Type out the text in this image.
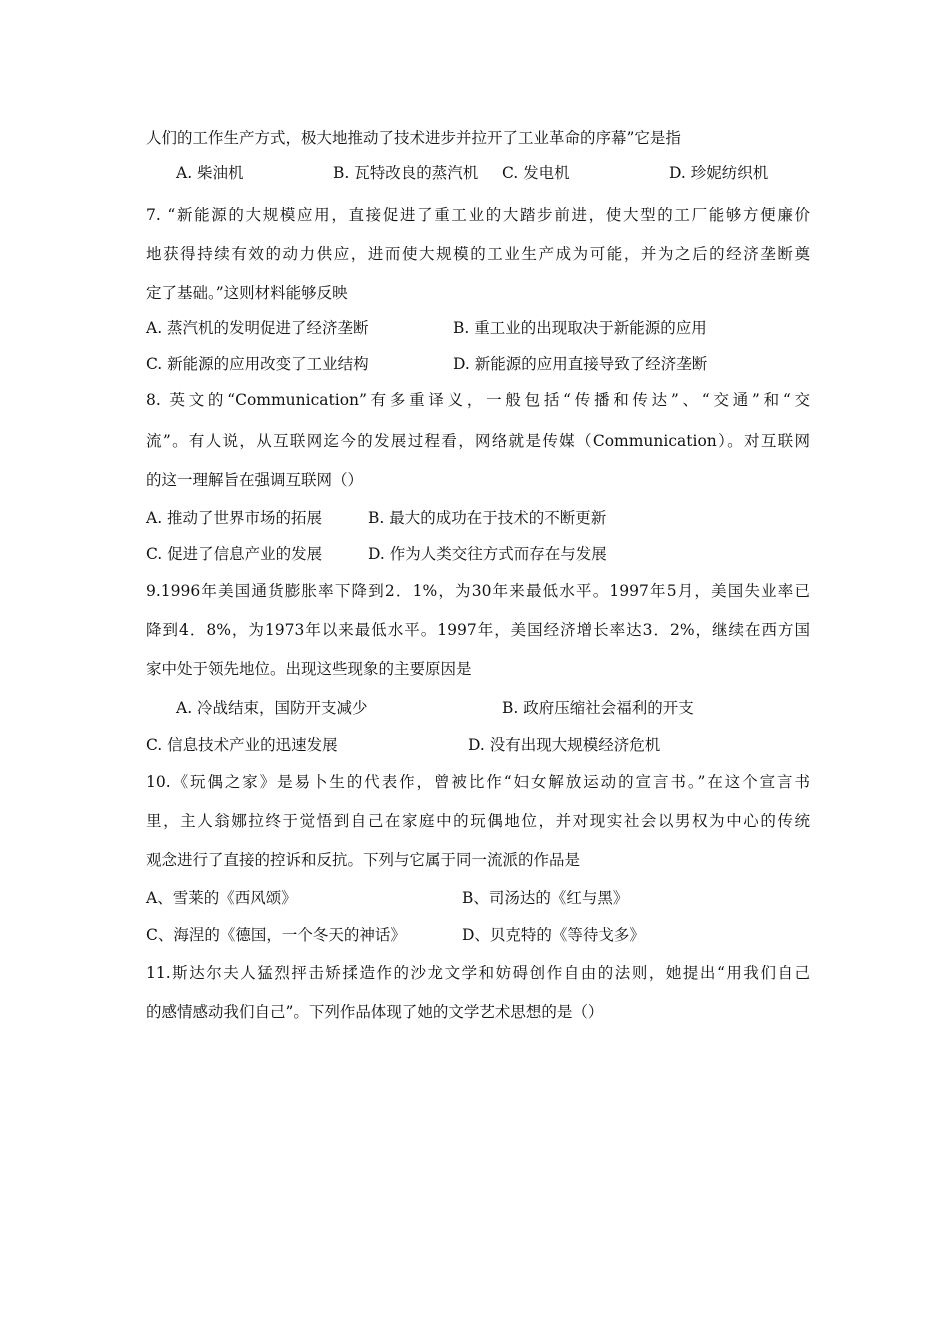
人们的工作生产方式，极大地推动了技术进步并拉开了工业革命的序幕”它是指
A. 柴油机	B. 瓦特改良的蒸汽机 C. 发电机	D. 珍妮纺织机
7. “新能源的大规模应用，直接促进了重工业的大踏步前进，使大型的工厂能够方便廉价
地获得持续有效的动力供应，进而使大规模的工业生产成为可能，并为之后的经济垄断奠
定了基础。”这则材料能够反映
A. 蒸汽机的发明促进了经济垄断	B. 重工业的出现取决于新能源的应用
C. 新能源的应用改变了工业结构	D. 新能源的应用直接导致了经济垄断
8. 英文的“Communication”有多重译义，一般包括“传播和传达”、“交通”和“交
流”。有人说，从互联网迄今的发展过程看，网络就是传媒（Communication）。对互联网
的这一理解旨在强调互联网（）
A. 推动了世界市场的拓展	B. 最大的成功在于技术的不断更新
C. 促进了信息产业的发展	D. 作为人类交往方式而存在与发展
9.1996年美国通货膨胀率下降到2．1%，为30年来最低水平。1997年5月，美国失业率已
降到4．8%，为1973年以来最低水平。1997年，美国经济增长率达3．2%，继续在西方国
家中处于领先地位。出现这些现象的主要原因是
A. 冷战结束，国防开支减少	B. 政府压缩社会福利的开支
C. 信息技术产业的迅速发展	D. 没有出现大规模经济危机
10.《玩偶之家》是易卜生的代表作，曾被比作“妇女解放运动的宣言书。”在这个宣言书
里，主人翁娜拉终于觉悟到自己在家庭中的玩偶地位，并对现实社会以男权为中心的传统
观念进行了直接的控诉和反抗。下列与它属于同一流派的作品是
A、雪莱的《西风颂》	B、司汤达的《红与黑》
C、海涅的《德国，一个冬天的神话》	D、贝克特的《等待戈多》
11.斯达尔夫人猛烈抨击矫揉造作的沙龙文学和妨碍创作自由的法则，她提出“用我们自己
的感情感动我们自己”。下列作品体现了她的文学艺术思想的是（）
